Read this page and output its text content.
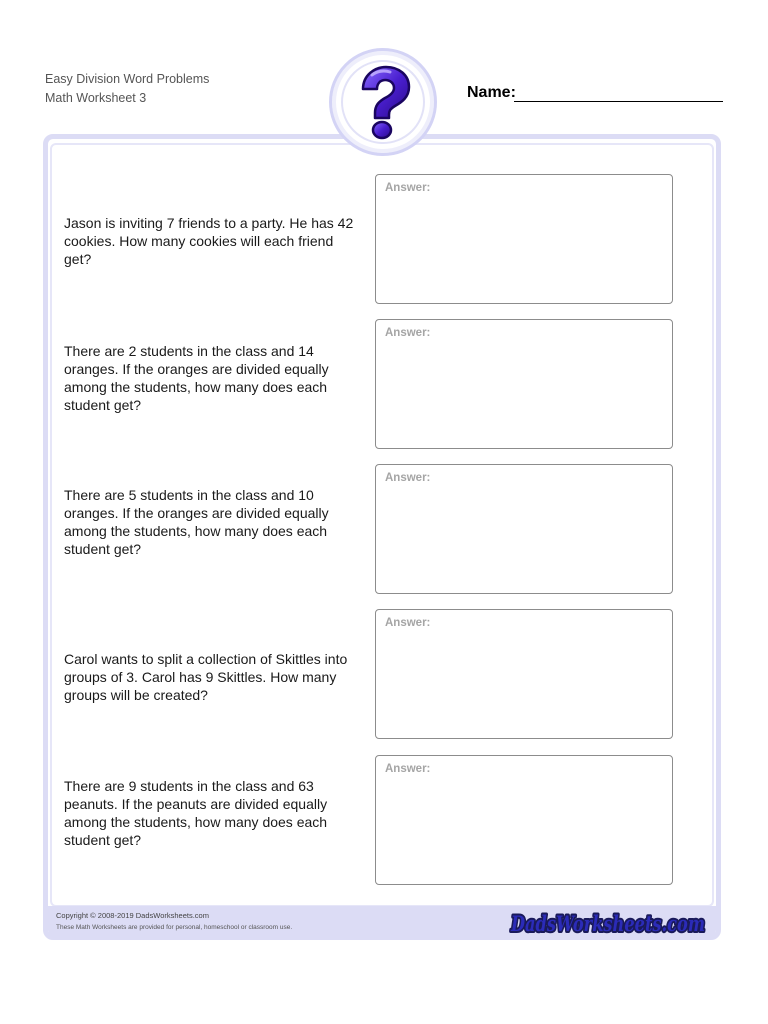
Easy Division Word Problems
Math Worksheet 3	Name:
Jason is inviting 7 friends to a party. He has 42 cookies. How many cookies will each friend get?
Answer:
There are 2 students in the class and 14 oranges. If the oranges are divided equally among the students, how many does each student get?
Answer:
There are 5 students in the class and 10 oranges. If the oranges are divided equally among the students, how many does each student get?
Answer:
Carol wants to split a collection of Skittles into groups of 3. Carol has 9 Skittles. How many groups will be created?
Answer:
There are 9 students in the class and 63 peanuts. If the peanuts are divided equally among the students, how many does each student get?
Answer:
Copyright © 2008-2019 DadsWorksheets.com
These Math Worksheets are provided for personal, homeschool or classroom use.	DadsWorksheets.com
DadsWorksheets.com
